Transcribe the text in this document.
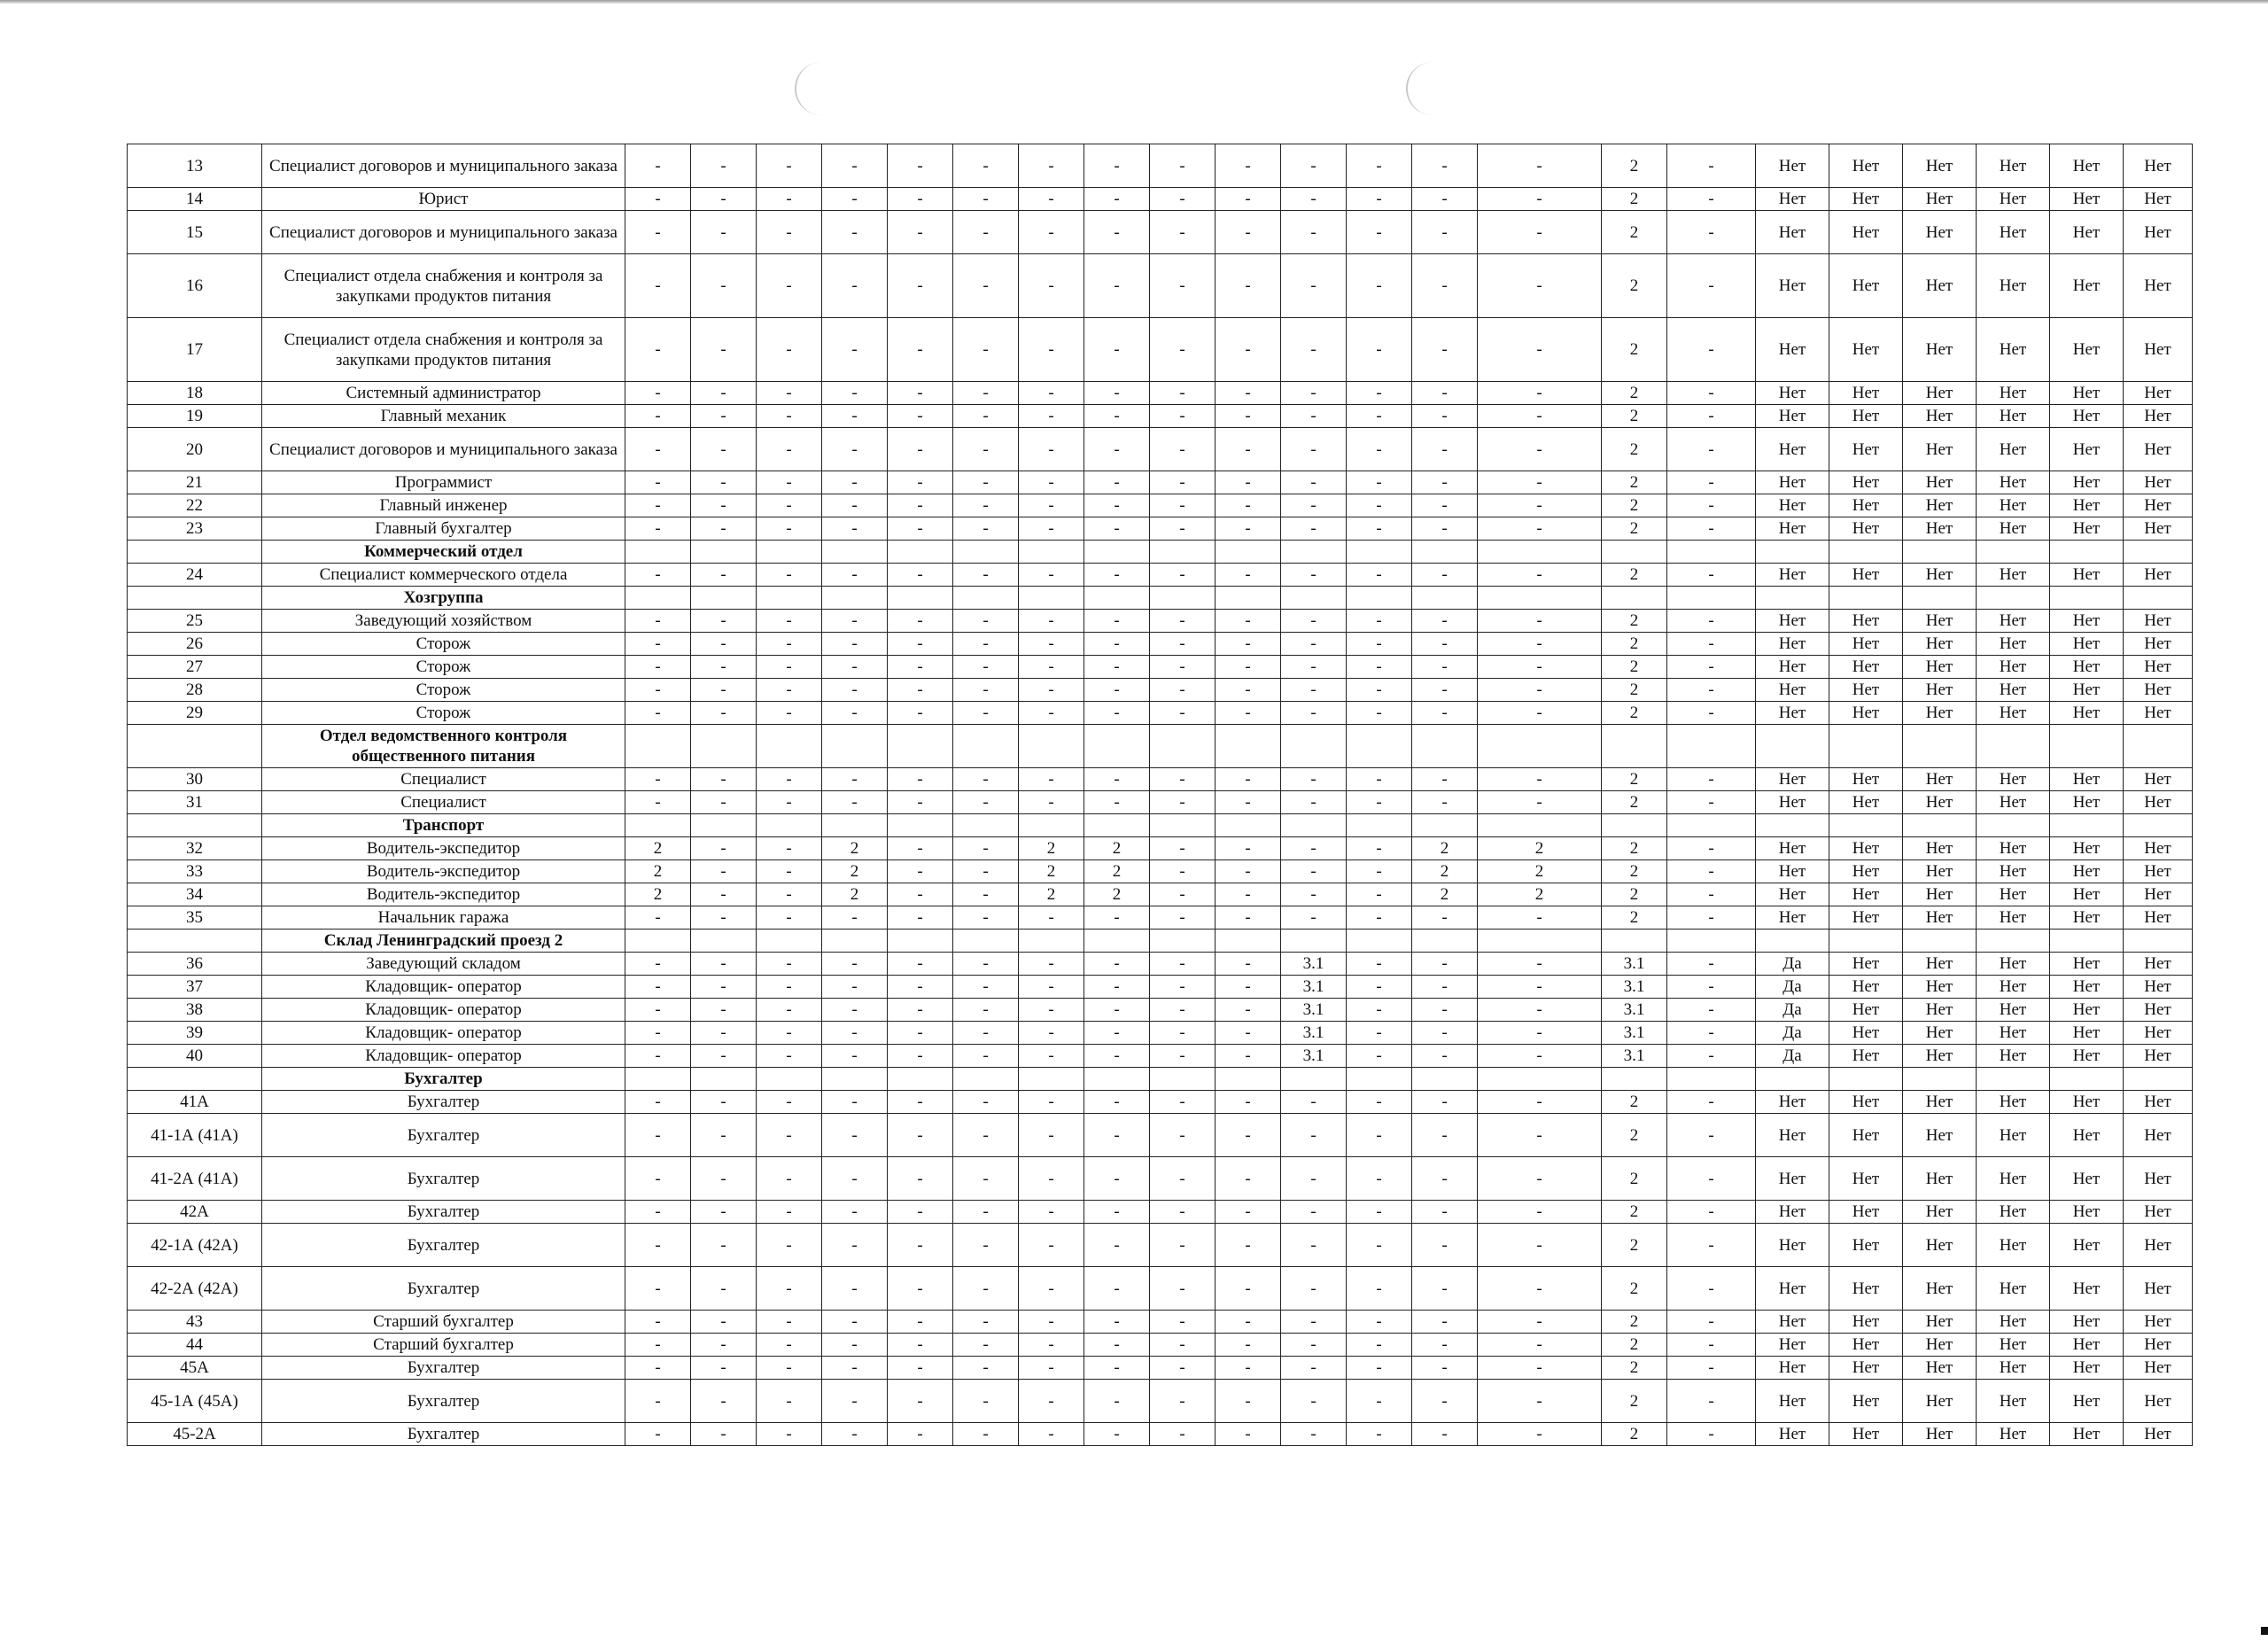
13	Специалист договоров и муниципального заказа	-	-	-	-	-	-	-	-	-	-	-	-	-	-	2	-	Нет	Нет	Нет	Нет	Нет	Нет
14	Юрист	-	-	-	-	-	-	-	-	-	-	-	-	-	-	2	-	Нет	Нет	Нет	Нет	Нет	Нет
15	Специалист договоров и муниципального заказа	-	-	-	-	-	-	-	-	-	-	-	-	-	-	2	-	Нет	Нет	Нет	Нет	Нет	Нет
16	Специалист отдела снабжения и контроля за закупками продуктов питания	-	-	-	-	-	-	-	-	-	-	-	-	-	-	2	-	Нет	Нет	Нет	Нет	Нет	Нет
17	Специалист отдела снабжения и контроля за закупками продуктов питания	-	-	-	-	-	-	-	-	-	-	-	-	-	-	2	-	Нет	Нет	Нет	Нет	Нет	Нет
18	Системный администратор	-	-	-	-	-	-	-	-	-	-	-	-	-	-	2	-	Нет	Нет	Нет	Нет	Нет	Нет
19	Главный механик	-	-	-	-	-	-	-	-	-	-	-	-	-	-	2	-	Нет	Нет	Нет	Нет	Нет	Нет
20	Специалист договоров и муниципального заказа	-	-	-	-	-	-	-	-	-	-	-	-	-	-	2	-	Нет	Нет	Нет	Нет	Нет	Нет
21	Программист	-	-	-	-	-	-	-	-	-	-	-	-	-	-	2	-	Нет	Нет	Нет	Нет	Нет	Нет
22	Главный инженер	-	-	-	-	-	-	-	-	-	-	-	-	-	-	2	-	Нет	Нет	Нет	Нет	Нет	Нет
23	Главный бухгалтер	-	-	-	-	-	-	-	-	-	-	-	-	-	-	2	-	Нет	Нет	Нет	Нет	Нет	Нет
	Коммерческий отдел																						
24	Специалист коммерческого отдела	-	-	-	-	-	-	-	-	-	-	-	-	-	-	2	-	Нет	Нет	Нет	Нет	Нет	Нет
	Хозгруппа																						
25	Заведующий хозяйством	-	-	-	-	-	-	-	-	-	-	-	-	-	-	2	-	Нет	Нет	Нет	Нет	Нет	Нет
26	Сторож	-	-	-	-	-	-	-	-	-	-	-	-	-	-	2	-	Нет	Нет	Нет	Нет	Нет	Нет
27	Сторож	-	-	-	-	-	-	-	-	-	-	-	-	-	-	2	-	Нет	Нет	Нет	Нет	Нет	Нет
28	Сторож	-	-	-	-	-	-	-	-	-	-	-	-	-	-	2	-	Нет	Нет	Нет	Нет	Нет	Нет
29	Сторож	-	-	-	-	-	-	-	-	-	-	-	-	-	-	2	-	Нет	Нет	Нет	Нет	Нет	Нет
	Отдел ведомственного контроля общественного питания																						
30	Специалист	-	-	-	-	-	-	-	-	-	-	-	-	-	-	2	-	Нет	Нет	Нет	Нет	Нет	Нет
31	Специалист	-	-	-	-	-	-	-	-	-	-	-	-	-	-	2	-	Нет	Нет	Нет	Нет	Нет	Нет
	Транспорт																						
32	Водитель-экспедитор	2	-	-	2	-	-	2	2	-	-	-	-	2	2	2	-	Нет	Нет	Нет	Нет	Нет	Нет
33	Водитель-экспедитор	2	-	-	2	-	-	2	2	-	-	-	-	2	2	2	-	Нет	Нет	Нет	Нет	Нет	Нет
34	Водитель-экспедитор	2	-	-	2	-	-	2	2	-	-	-	-	2	2	2	-	Нет	Нет	Нет	Нет	Нет	Нет
35	Начальник гаража	-	-	-	-	-	-	-	-	-	-	-	-	-	-	2	-	Нет	Нет	Нет	Нет	Нет	Нет
	Склад Ленинградский проезд 2																						
36	Заведующий складом	-	-	-	-	-	-	-	-	-	-	3.1	-	-	-	3.1	-	Да	Нет	Нет	Нет	Нет	Нет
37	Кладовщик- оператор	-	-	-	-	-	-	-	-	-	-	3.1	-	-	-	3.1	-	Да	Нет	Нет	Нет	Нет	Нет
38	Кладовщик- оператор	-	-	-	-	-	-	-	-	-	-	3.1	-	-	-	3.1	-	Да	Нет	Нет	Нет	Нет	Нет
39	Кладовщик- оператор	-	-	-	-	-	-	-	-	-	-	3.1	-	-	-	3.1	-	Да	Нет	Нет	Нет	Нет	Нет
40	Кладовщик- оператор	-	-	-	-	-	-	-	-	-	-	3.1	-	-	-	3.1	-	Да	Нет	Нет	Нет	Нет	Нет
	Бухгалтер																						
41А	Бухгалтер	-	-	-	-	-	-	-	-	-	-	-	-	-	-	2	-	Нет	Нет	Нет	Нет	Нет	Нет
41-1А (41А)	Бухгалтер	-	-	-	-	-	-	-	-	-	-	-	-	-	-	2	-	Нет	Нет	Нет	Нет	Нет	Нет
41-2А (41А)	Бухгалтер	-	-	-	-	-	-	-	-	-	-	-	-	-	-	2	-	Нет	Нет	Нет	Нет	Нет	Нет
42А	Бухгалтер	-	-	-	-	-	-	-	-	-	-	-	-	-	-	2	-	Нет	Нет	Нет	Нет	Нет	Нет
42-1А (42А)	Бухгалтер	-	-	-	-	-	-	-	-	-	-	-	-	-	-	2	-	Нет	Нет	Нет	Нет	Нет	Нет
42-2А (42А)	Бухгалтер	-	-	-	-	-	-	-	-	-	-	-	-	-	-	2	-	Нет	Нет	Нет	Нет	Нет	Нет
43	Старший бухгалтер	-	-	-	-	-	-	-	-	-	-	-	-	-	-	2	-	Нет	Нет	Нет	Нет	Нет	Нет
44	Старший бухгалтер	-	-	-	-	-	-	-	-	-	-	-	-	-	-	2	-	Нет	Нет	Нет	Нет	Нет	Нет
45А	Бухгалтер	-	-	-	-	-	-	-	-	-	-	-	-	-	-	2	-	Нет	Нет	Нет	Нет	Нет	Нет
45-1А (45А)	Бухгалтер	-	-	-	-	-	-	-	-	-	-	-	-	-	-	2	-	Нет	Нет	Нет	Нет	Нет	Нет
45-2А	Бухгалтер	-	-	-	-	-	-	-	-	-	-	-	-	-	-	2	-	Нет	Нет	Нет	Нет	Нет	Нет
